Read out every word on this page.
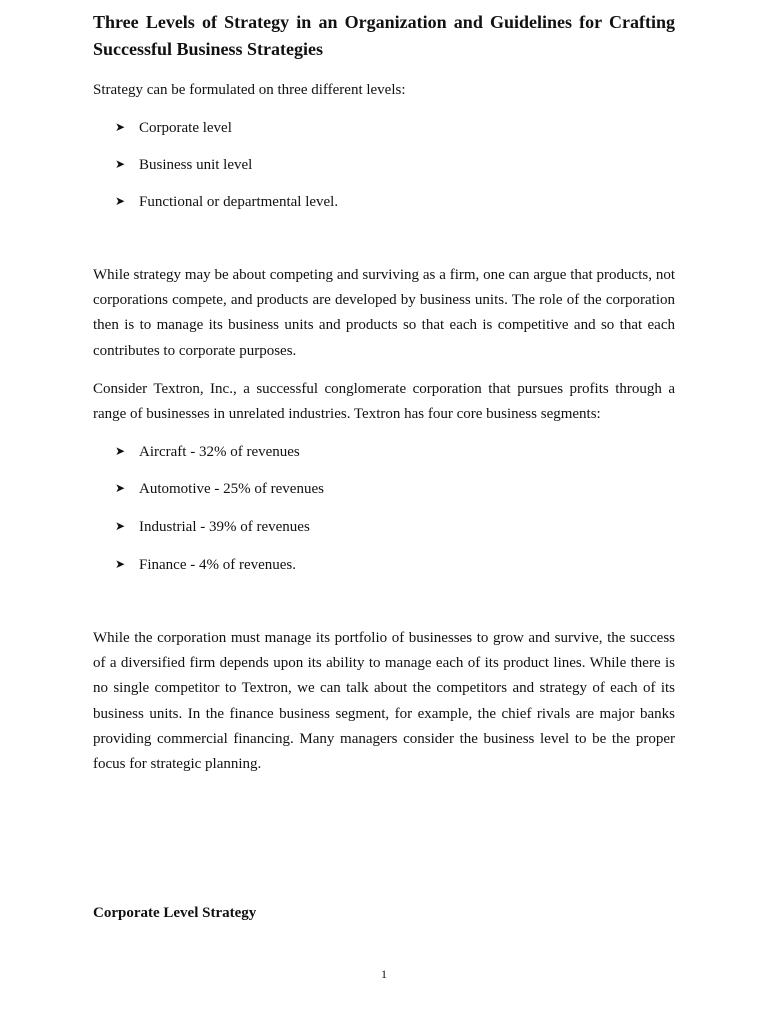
Three Levels of Strategy in an Organization and Guidelines for Crafting Successful Business Strategies

Strategy can be formulated on three different levels:

➤ Corporate level
➤ Business unit level
➤ Functional or departmental level.

While strategy may be about competing and surviving as a firm, one can argue that products, not corporations compete, and products are developed by business units. The role of the corporation then is to manage its business units and products so that each is competitive and so that each contributes to corporate purposes.

Consider Textron, Inc., a successful conglomerate corporation that pursues profits through a range of businesses in unrelated industries. Textron has four core business segments:

➤ Aircraft - 32% of revenues
➤ Automotive - 25% of revenues
➤ Industrial - 39% of revenues
➤ Finance - 4% of revenues.

While the corporation must manage its portfolio of businesses to grow and survive, the success of a diversified firm depends upon its ability to manage each of its product lines. While there is no single competitor to Textron, we can talk about the competitors and strategy of each of its business units. In the finance business segment, for example, the chief rivals are major banks providing commercial financing. Many managers consider the business level to be the proper focus for strategic planning.

Corporate Level Strategy
1
